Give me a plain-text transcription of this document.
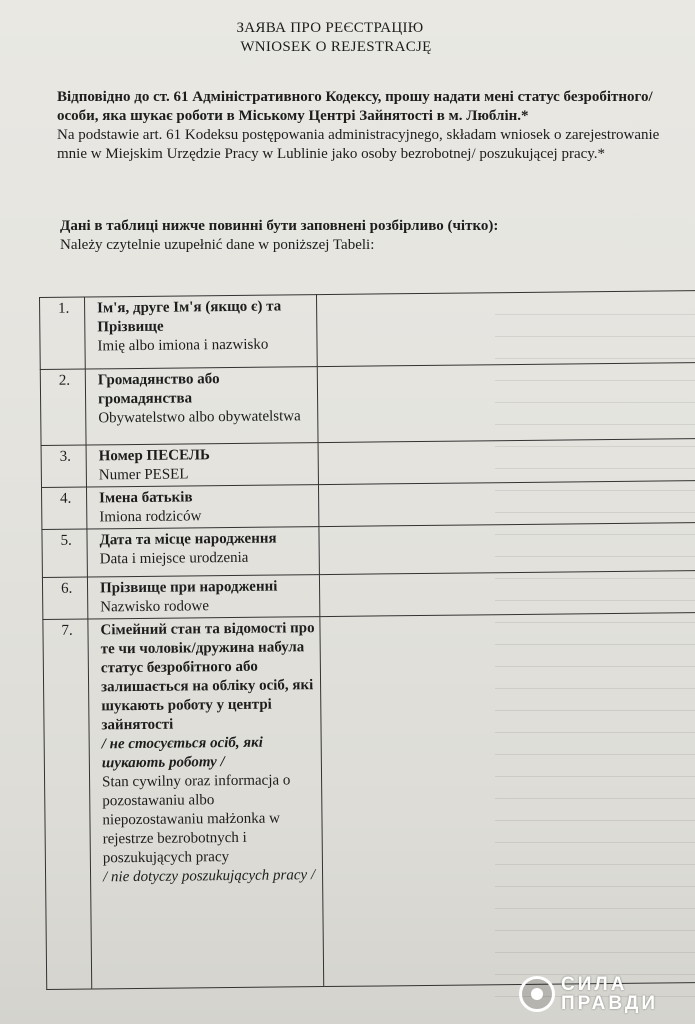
ЗАЯВА ПРО РЕЄСТРАЦІЮ
WNIOSEK O REJESTRACJĘ
Відповідно до ст. 61 Адміністративного Кодексу, прошу надати мені статус безробітного/особи, яка шукає роботи в Міському Центрі Зайнятості в м. Люблін.*
Na podstawie art. 61 Kodeksu postępowania administracyjnego, składam wniosek o zarejestrowanie mnie w Miejskim Urzędzie Pracy w Lublinie jako osoby bezrobotnej/ poszukującej pracy.*
Дані в таблиці нижче повинні бути заповнені розбірливо (чітко):
Należy czytelnie uzupełnić dane w poniższej Tabeli:
1.	Ім'я, друге Ім'я (якщо є) та Прізвище
Imię albo imiona i nazwisko	

2.	Громадянство або громадянства
Obywatelstwo albo obywatelstwa	

3.	Номер ПЕСЕЛЬ
Numer PESEL	

4.	Імена батьків
Imiona rodziców	

5.	Дата та місце народження
Data i miejsce urodzenia	

6.	Прізвище при народженні
Nazwisko rodowe	

7.	Сімейний стан та відомості про те чи чоловік/дружина набула статус безробітного або залишається на обліку осіб, які шукають роботу у центрі зайнятості
/ не стосується осіб, які шукають роботу /
Stan cywilny oraz informacja o pozostawaniu albo niepozostawaniu małżonka w rejestrze bezrobotnych i poszukujących pracy
/ nie dotyczy poszukujących pracy /	

СИЛА
ПРАВДИ
